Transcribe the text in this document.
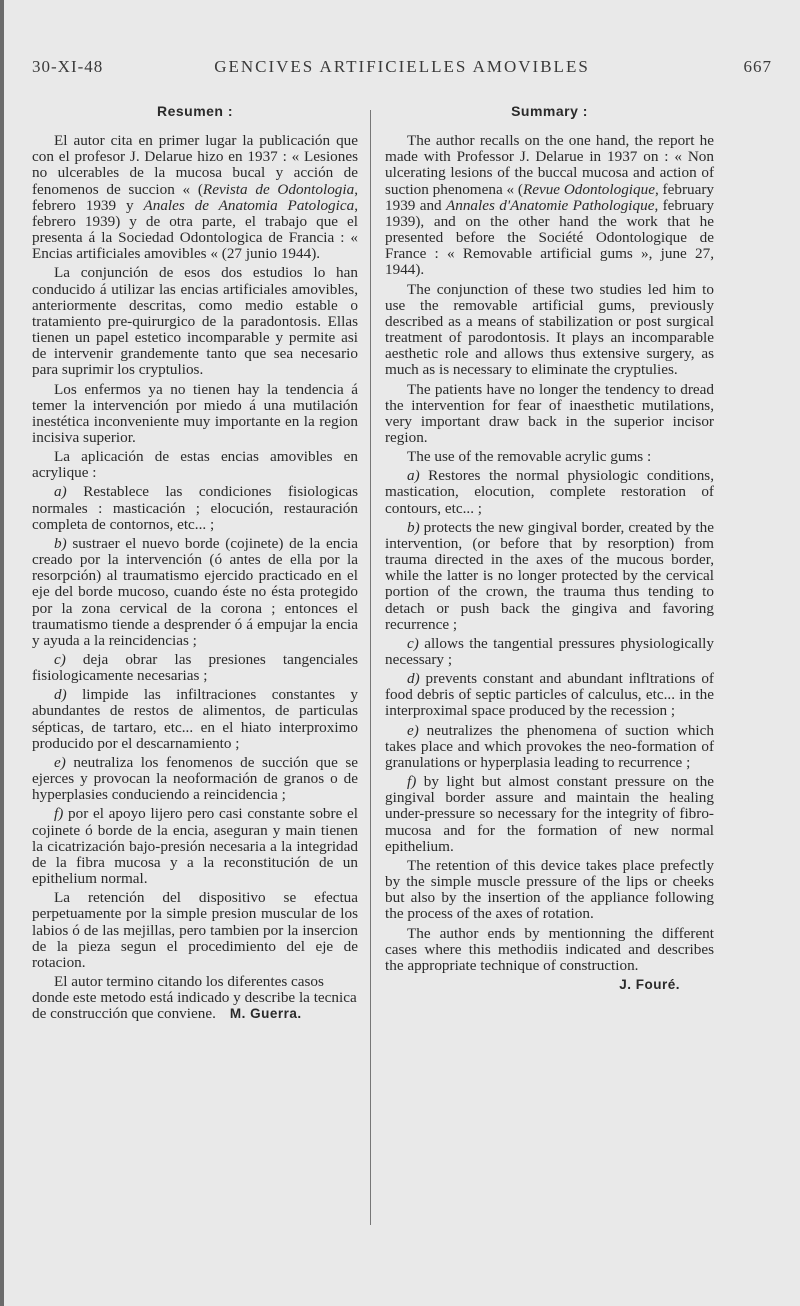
30-XI-48	GENCIVES ARTIFICIELLES AMOVIBLES	667
Resumen :

El autor cita en primer lugar la publicación que con el profesor J. Delarue hizo en 1937 : « Lesiones no ulcerables de la mucosa bucal y acción de fenomenos de succion « (Revista de Odontologia, febrero 1939 y Anales de Anatomia Patologica, febrero 1939) y de otra parte, el trabajo que el presenta á la Sociedad Odontologica de Francia : « Encias artificiales amovibles « (27 junio 1944).

La conjunción de esos dos estudios lo han conducido á utilizar las encias artificiales amovibles, anteriormente descritas, como medio estable o tratamiento pre-quirurgico de la paradontosis. Ellas tienen un papel estetico incomparable y permite asi de intervenir grandemente tanto que sea necesario para suprimir los cryptulios.

Los enfermos ya no tienen hay la tendencia á temer la intervención por miedo á una mutilación inestética inconveniente muy importante en la region incisiva superior.

La aplicación de estas encias amovibles en acrylique :

a) Restablece las condiciones fisiologicas normales : masticación ; elocución, restauración completa de contornos, etc... ;

b) sustraer el nuevo borde (cojinete) de la encia creado por la intervención (ó antes de ella por la resorpción) al traumatismo ejercido practicado en el eje del borde mucoso, cuando éste no ésta protegido por la zona cervical de la corona ; entonces el traumatismo tiende a desprender ó á empujar la encia y ayuda a la reincidencias ;

c) deja obrar las presiones tangenciales fisiologicamente necesarias ;

d) limpide las infiltraciones constantes y abundantes de restos de alimentos, de particulas sépticas, de tartaro, etc... en el hiato interproximo producido por el descarnamiento ;

e) neutraliza los fenomenos de succión que se ejerces y provocan la neoformación de granos o de hyperplasies conduciendo a reincidencia ;

f) por el apoyo lijero pero casi constante sobre el cojinete ó borde de la encia, aseguran y main tienen la cicatrización bajo-presión necesaria a la integridad de la fibra mucosa y a la reconstitución de un epithelium normal.

La retención del dispositivo se efectua perpetuamente por la simple presion muscular de los labios ó de las mejillas, pero tambien por la insercion de la pieza segun el procedimiento del eje de rotacion.

El autor termino citando los diferentes casos donde este metodo está indicado y describe la tecnica de construcción que conviene. M. Guerra.

Summary :

The author recalls on the one hand, the report he made with Professor J. Delarue in 1937 on : « Non ulcerating lesions of the buccal mucosa and action of suction phenomena « (Revue Odontologique, february 1939 and Annales d'Anatomie Pathologique, february 1939), and on the other hand the work that he presented before the Société Odontologique de France : « Removable artificial gums », june 27, 1944).

The conjunction of these two studies led him to use the removable artificial gums, previously described as a means of stabilization or post surgical treatment of parodontosis. It plays an incomparable aesthetic role and allows thus extensive surgery, as much as is necessary to eliminate the cryptulies.

The patients have no longer the tendency to dread the intervention for fear of inaesthetic mutilations, very important draw back in the superior incisor region.

The use of the removable acrylic gums :

a) Restores the normal physiologic conditions, mastication, elocution, complete restoration of contours, etc... ;

b) protects the new gingival border, created by the intervention, (or before that by resorption) from trauma directed in the axes of the mucous border, while the latter is no longer protected by the cervical portion of the crown, the trauma thus tending to detach or push back the gingiva and favoring recurrence ;

c) allows the tangential pressures physiologically necessary ;

d) prevents constant and abundant infltrations of food debris of septic particles of calculus, etc... in the interproximal space produced by the recession ;

e) neutralizes the phenomena of suction which takes place and which provokes the neo-formation of granulations or hyperplasia leading to recurrence ;

f) by light but almost constant pressure on the gingival border assure and maintain the healing under-pressure so necessary for the integrity of fibro-mucosa and for the formation of new normal epithelium.

The retention of this device takes place prefectly by the simple muscle pressure of the lips or cheeks but also by the insertion of the appliance following the process of the axes of rotation.

The author ends by mentionning the different cases where this methodiis indicated and describes the appropriate technique of construction.

J. Fouré.
